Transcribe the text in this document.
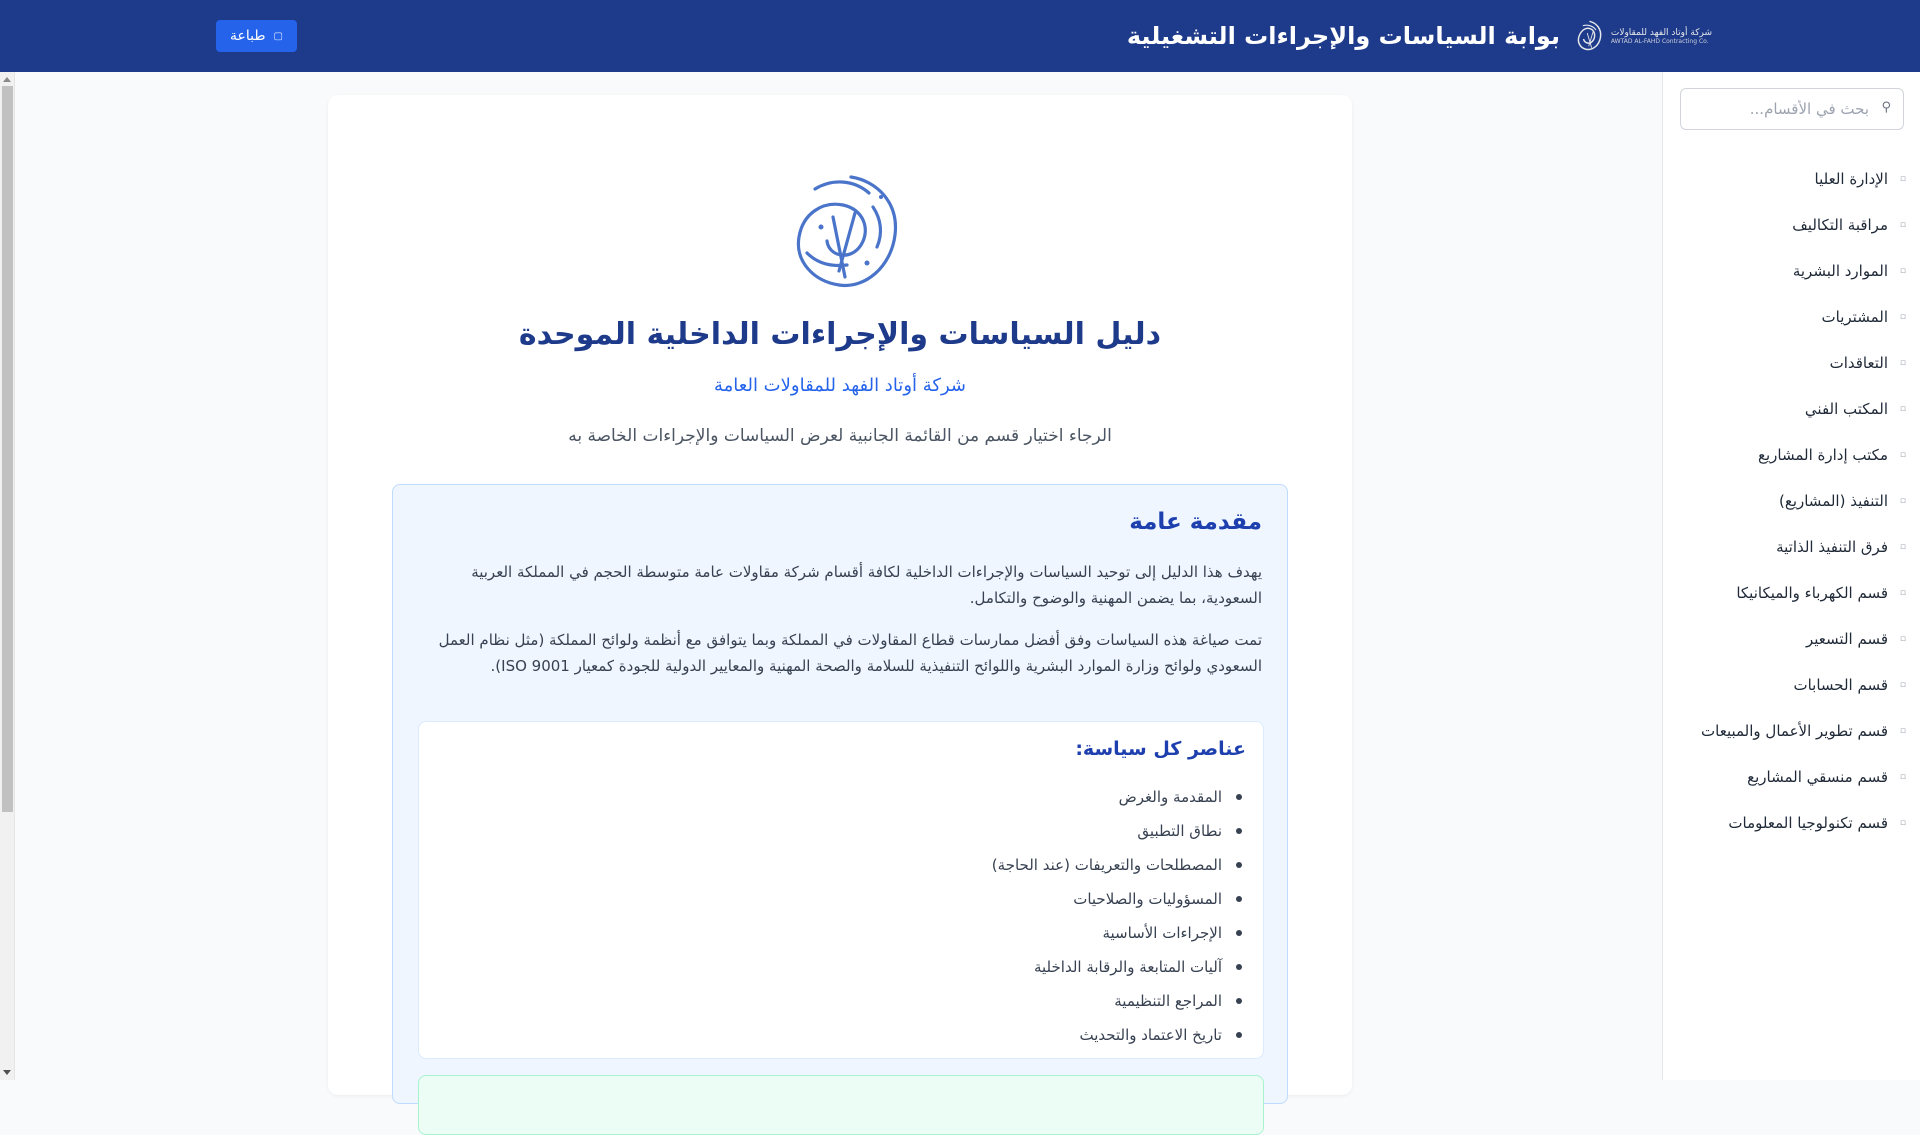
شركة أوتاد الفهد للمقاولات
AWTAD AL-FAHD Contracting Co.
بوابة السياسات والإجراءات التشغيلية
▢
طباعة
⚲
بحث في الأقسام...
▫
الإدارة العليا
▫
مراقبة التكاليف
▫
الموارد البشرية
▫
المشتريات
▫
التعاقدات
▫
المكتب الفني
▫
مكتب إدارة المشاريع
▫
التنفيذ (المشاريع)
▫
فرق التنفيذ الذاتية
▫
قسم الكهرباء والميكانيكا
▫
قسم التسعير
▫
قسم الحسابات
▫
قسم تطوير الأعمال والمبيعات
▫
قسم منسقي المشاريع
▫
قسم تكنولوجيا المعلومات
دليل السياسات والإجراءات الداخلية الموحدة
شركة أوتاد الفهد للمقاولات العامة

الرجاء اختيار قسم من القائمة الجانبية لعرض السياسات والإجراءات الخاصة به

مقدمة عامة

يهدف هذا الدليل إلى توحيد السياسات والإجراءات الداخلية لكافة أقسام شركة مقاولات عامة متوسطة الحجم في المملكة العربية السعودية، بما يضمن المهنية والوضوح والتكامل.

تمت صياغة هذه السياسات وفق أفضل ممارسات قطاع المقاولات في المملكة وبما يتوافق مع أنظمة ولوائح المملكة (مثل نظام العمل السعودي ولوائح وزارة الموارد البشرية واللوائح التنفيذية للسلامة والصحة المهنية والمعايير الدولية للجودة كمعيار ISO 9001).

عناصر كل سياسة:
المقدمة والغرض
نطاق التطبيق
المصطلحات والتعريفات (عند الحاجة)
المسؤوليات والصلاحيات
الإجراءات الأساسية
آليات المتابعة والرقابة الداخلية
المراجع التنظيمية
تاريخ الاعتماد والتحديث
